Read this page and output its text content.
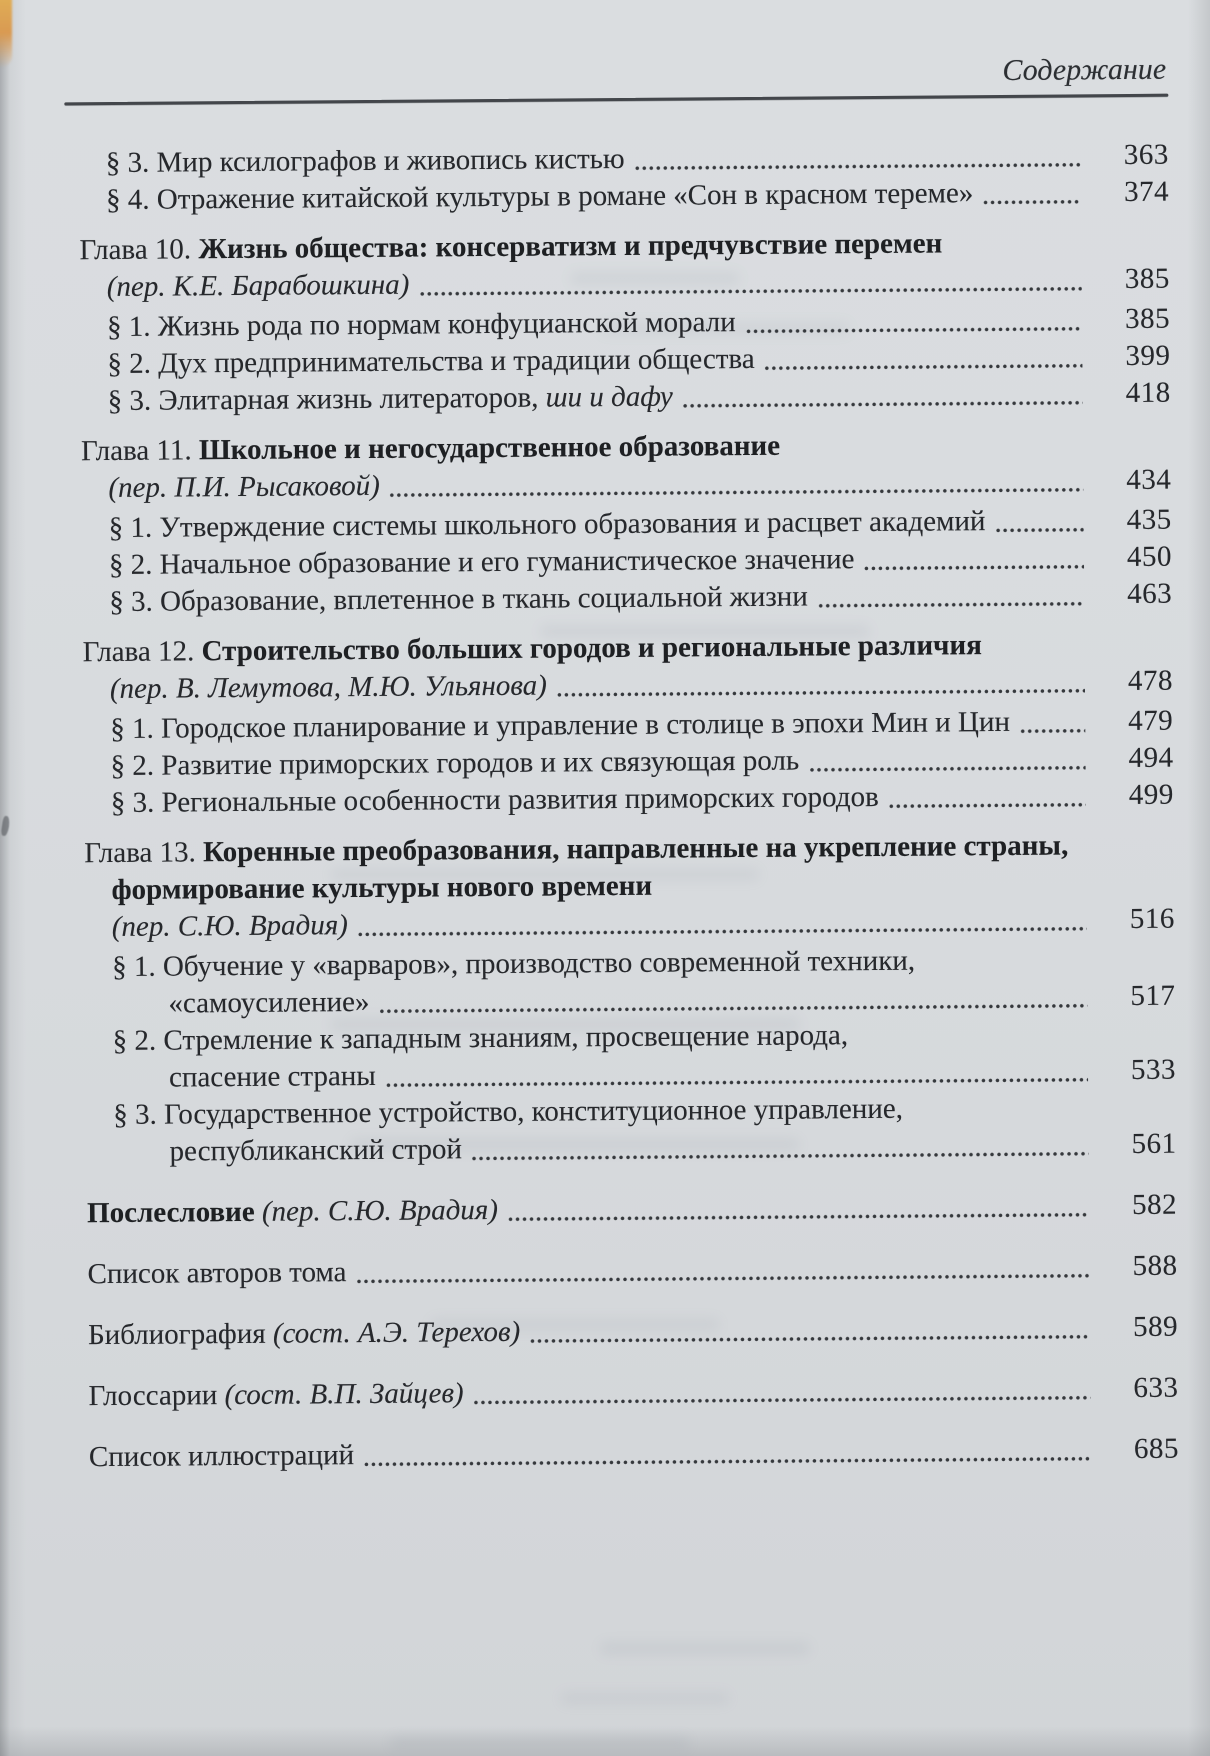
Содержание
§ 3. Мир ксилографов и живопись кистью	363
§ 4. Отражение китайской культуры в романе «Сон в красном тереме»	374
Глава 10. Жизнь общества: консерватизм и предчувствие перемен
(пер. К.Е. Барабошкина)	385
§ 1. Жизнь рода по нормам конфуцианской морали	385
§ 2. Дух предпринимательства и традиции общества	399
§ 3. Элитарная жизнь литераторов, ши и дафу	418
Глава 11. Школьное и негосударственное образование
(пер. П.И. Рысаковой)	434
§ 1. Утверждение системы школьного образования и расцвет академий	435
§ 2. Начальное образование и его гуманистическое значение	450
§ 3. Образование, вплетенное в ткань социальной жизни	463
Глава 12. Строительство больших городов и региональные различия
(пер. В. Лемутова, М.Ю. Ульянова)	478
§ 1. Городское планирование и управление в столице в эпохи Мин и Цин	479
§ 2. Развитие приморских городов и их связующая роль	494
§ 3. Региональные особенности развития приморских городов	499
Глава 13. Коренные преобразования, направленные на укрепление страны,
формирование культуры нового времени
(пер. С.Ю. Врадия)	516
§ 1. Обучение у «варваров», производство современной техники,
«самоусиление»	517
§ 2. Стремление к западным знаниям, просвещение народа,
спасение страны	533
§ 3. Государственное устройство, конституционное управление,
республиканский строй	561
Послесловие (пер. С.Ю. Врадия)	582
Список авторов тома	588
Библиография (сост. А.Э. Терехов)	589
Глоссарии (сост. В.П. Зайцев)	633
Список иллюстраций	685
